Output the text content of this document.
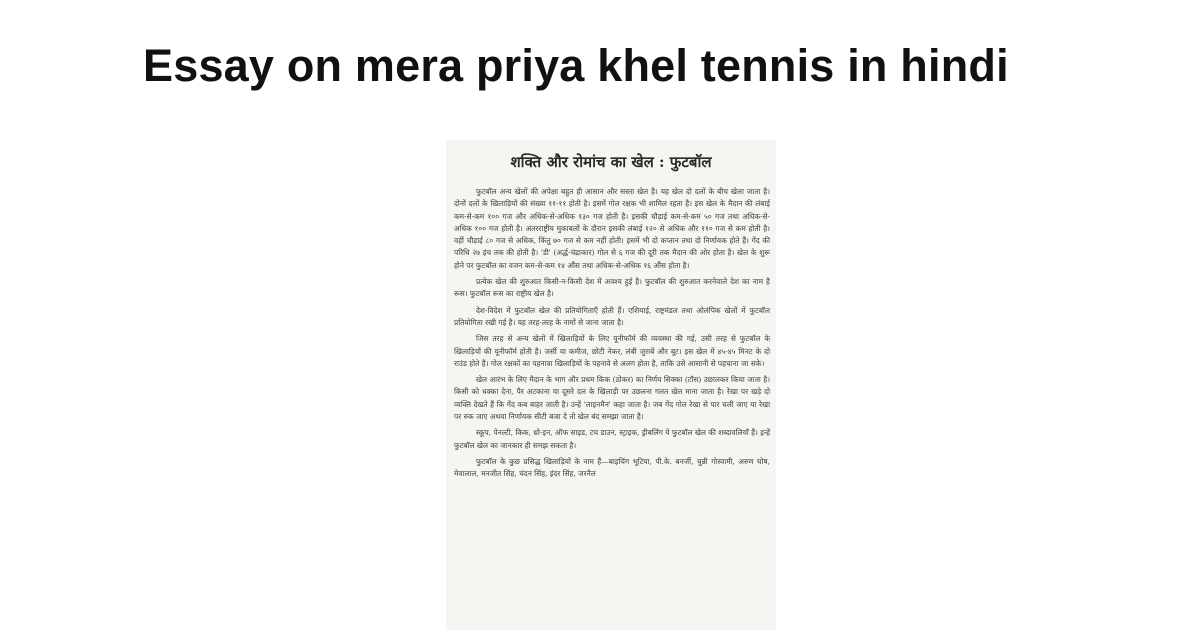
Essay on mera priya khel tennis in hindi
शक्ति और रोमांच का खेल : फुटबॉल

फुटबॉल अन्य खेलों की अपेक्षा बहुत ही आसान और सस्ता खेल है। यह खेल दो दलों के बीच खेला जाता है। दोनों दलों के खिलाड़ियों की संख्या ११-११ होती है। इसमें गोल रक्षक भी शामिल रहता है। इस खेल के मैदान की लंबाई कम-से-कम १०० गज और अधिक-से-अधिक १३० गज होती है। इसकी चौड़ाई कम-से-कम ५० गज तथा अधिक-से-अधिक १०० गज होती है। अंतरराष्ट्रीय मुकाबलों के दौरान इसकी लंबाई १२० से अधिक और ११० गज से कम होती है। वहीं चौड़ाई ८० गज से अधिक, किंतु ७० गज से कम नहीं होती। इसमें भी दो कप्तान तथा दो निर्णायक होते हैं। गेंद की परिधि २७ इंच तक की होती है। 'डी' (अर्द्ध-चंद्राकार) गोल से ६ गज की दूरी तक मैदान की ओर होता है। खेल के शुरू होने पर फुटबॉल का वजन कम-से-कम १४ औंस तथा अधिक-से-अधिक १६ औंस होता है।

प्रत्येक खेल की शुरुआत किसी-न-किसी देश में अवश्य हुई है। फुटबॉल की शुरुआत करनेवाले देश का नाम है रूस। फुटबॉल रूस का राष्ट्रीय खेल है।

देश-विदेश में फुटबॉल खेल की प्रतियोगिताएँ होती हैं। एशियाई, राष्ट्रमंडल तथा ओलंपिक खेलों में फुटबॉल प्रतियोगिता रखी गई है। यह तरह-तरह के नामों से जाना जाता है।

जिस तरह से अन्य खेलों में खिलाड़ियों के लिए यूनीफॉर्म की व्यवस्था की गई, उसी तरह से फुटबॉल के खिलाड़ियों की यूनीफॉर्म होती है। जर्सी या कमीज, छोटी नेकर, लंबी जुराबें और बूट। इस खेल में ४५-४५ मिनट के दो राउंड होते हैं। गोल रक्षकों का पहनावा खिलाड़ियों के पहनावे से अलग होता है, ताकि उसे आसानी से पहचाना जा सके।

खेल आरंभ के लिए मैदान के भाग और प्रथम किक (ठोकर) का निर्णय सिक्का (टॉस) उछालकर किया जाता है। किसी को धक्का देना, पैर अटकाना या दूसरे दल के खिलाड़ी पर उछलना गलत खेल माना जाता है। रेखा पर खड़े दो व्यक्ति देखते हैं कि गेंद कब बाहर जाती है। उन्हें 'लाइनमैन' कहा जाता है। जब गेंद गोल रेखा से पार चली जाए या रेखा पर रुक जाए अथवा निर्णायक सीटी बजा दे तो खेल बंद समझा जाता है।

स्कूप, पेनल्टी, किक, थ्रो-इन, ऑफ साइड, टच डाउन, स्ट्राइक, ड्रीबलिंग ये फुटबॉल खेल की शब्दावलियाँ हैं। इन्हें फुटबॉल खेल का जानकार ही समझ सकता है।

फुटबॉल के कुछ प्रसिद्ध खिलाड़ियों के नाम हैं—बाइचिंग भूटिया, पी.के. बनर्जी, चुन्नी गोस्वामी, अरुण घोष, मेवालाल, मनजीत सिंह, चंदन सिंह, इंदर सिंह, जरनैल
